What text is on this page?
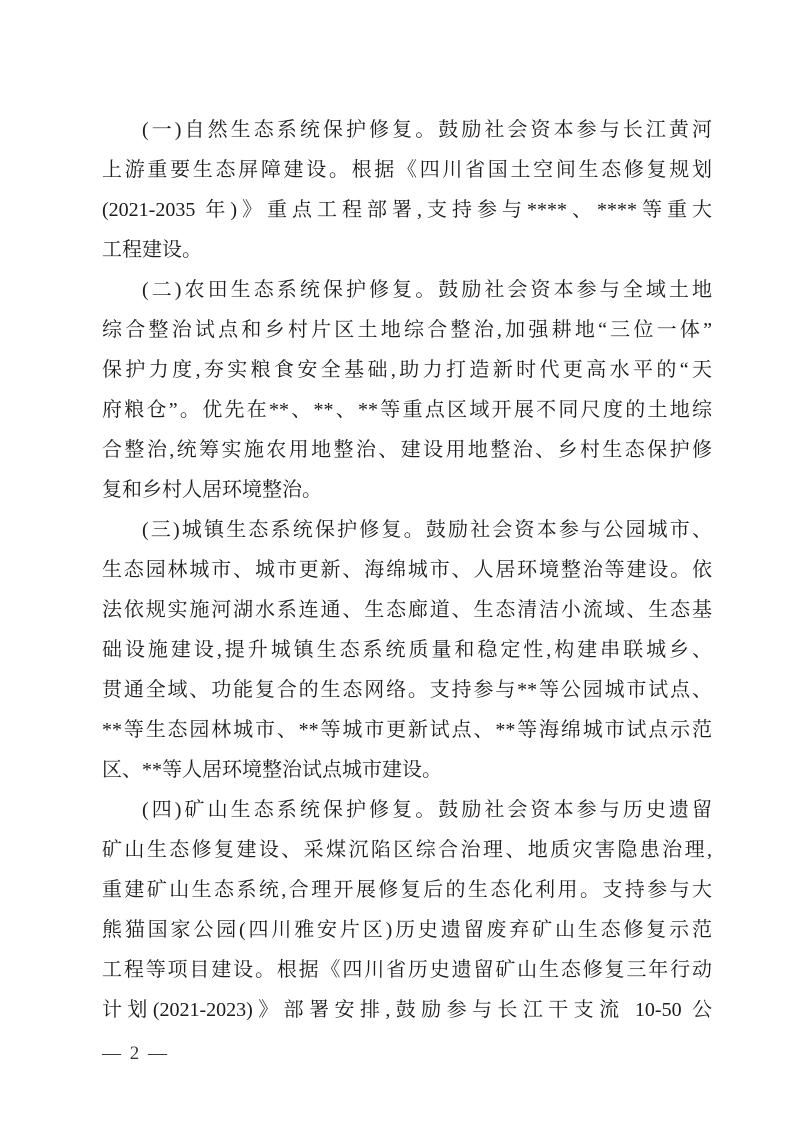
(一)自然生态系统保护修复。鼓励社会资本参与长江黄河
上游重要生态屏障建设。根据《四川省国土空间生态修复规划
(2021-2035 年)》重点工程部署,支持参与****、****等重大
工程建设。
(二)农田生态系统保护修复。鼓励社会资本参与全域土地
综合整治试点和乡村片区土地综合整治,加强耕地“三位一体”
保护力度,夯实粮食安全基础,助力打造新时代更高水平的“天
府粮仓”。优先在**、**、**等重点区域开展不同尺度的土地综
合整治,统筹实施农用地整治、建设用地整治、乡村生态保护修
复和乡村人居环境整治。
(三)城镇生态系统保护修复。鼓励社会资本参与公园城市、
生态园林城市、城市更新、海绵城市、人居环境整治等建设。依
法依规实施河湖水系连通、生态廊道、生态清洁小流域、生态基
础设施建设,提升城镇生态系统质量和稳定性,构建串联城乡、
贯通全域、功能复合的生态网络。支持参与**等公园城市试点、
**等生态园林城市、**等城市更新试点、**等海绵城市试点示范
区、**等人居环境整治试点城市建设。
(四)矿山生态系统保护修复。鼓励社会资本参与历史遗留
矿山生态修复建设、采煤沉陷区综合治理、地质灾害隐患治理,
重建矿山生态系统,合理开展修复后的生态化利用。支持参与大
熊猫国家公园(四川雅安片区)历史遗留废弃矿山生态修复示范
工程等项目建设。根据《四川省历史遗留矿山生态修复三年行动
计划(2021-2023)》部署安排,鼓励参与长江干支流 10-50 公
— 2 —
